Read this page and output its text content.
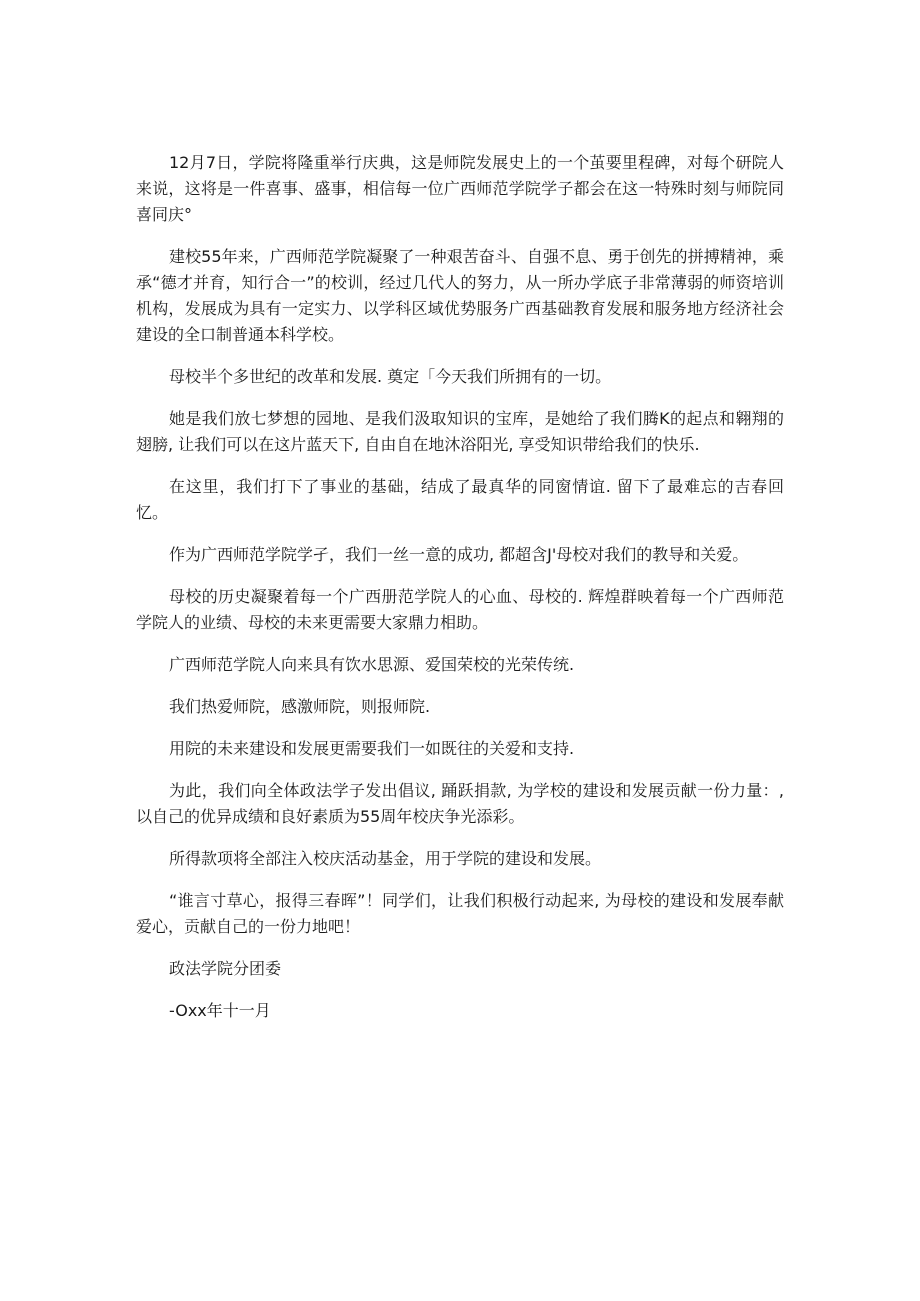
12月7日，学院将隆重举行庆典，这是师院发展史上的一个茧要里程碑，对每个研院人来说，这将是一件喜事、盛事，相信每一位广西师范学院学子都会在这一特殊时刻与师院同喜同庆°

建校55年来，广西师范学院凝聚了一种艰苦奋斗、自强不息、勇于创先的拼搏精神，乘承“德才并育，知行合一”的校训，经过几代人的努力，从一所办学底子非常薄弱的师资培训机构，发展成为具有一定实力、以学科区域优势服务广西基础教育发展和服务地方经济社会建设的全口制普通本科学校。

母校半个多世纪的改革和发展. 奠定「今天我们所拥有的一切。

她是我们放七梦想的园地、是我们汲取知识的宝库，是她给了我们腾K的起点和翱翔的翅膀, 让我们可以在这片蓝天下, 自由自在地沐浴阳光, 享受知识带给我们的快乐.

在这里，我们打下了事业的基础，结成了最真华的同窗情谊. 留下了最难忘的吉春回忆。

作为广西师范学院学孑，我们一丝一意的成功, 都超含J'母校对我们的教导和关爱。

母校的历史凝聚着每一个广西册范学院人的心血、母校的. 辉煌群映着每一个广西师范学院人的业绩、母校的未来更需要大家鼎力相助。

广西师范学院人向来具有饮水思源、爱国荣校的光荣传统.

我们热爱师院，感激师院，则报师院.

用院的未来建设和发展更需要我们一如既往的关爱和支持.

为此，我们向全体政法学子发出倡议, 踊跃捐款, 为学校的建设和发展贡献一份力量：, 以自己的优异成绩和良好素质为55周年校庆争光添彩。

所得款项将全部注入校庆活动基金，用于学院的建设和发展。

“谁言寸草心，报得三春晖”！同学们，让我们积极行动起来, 为母校的建设和发展奉献爱心，贡献自己的一份力地吧！

政法学院分团委

-Oxx年十一月
